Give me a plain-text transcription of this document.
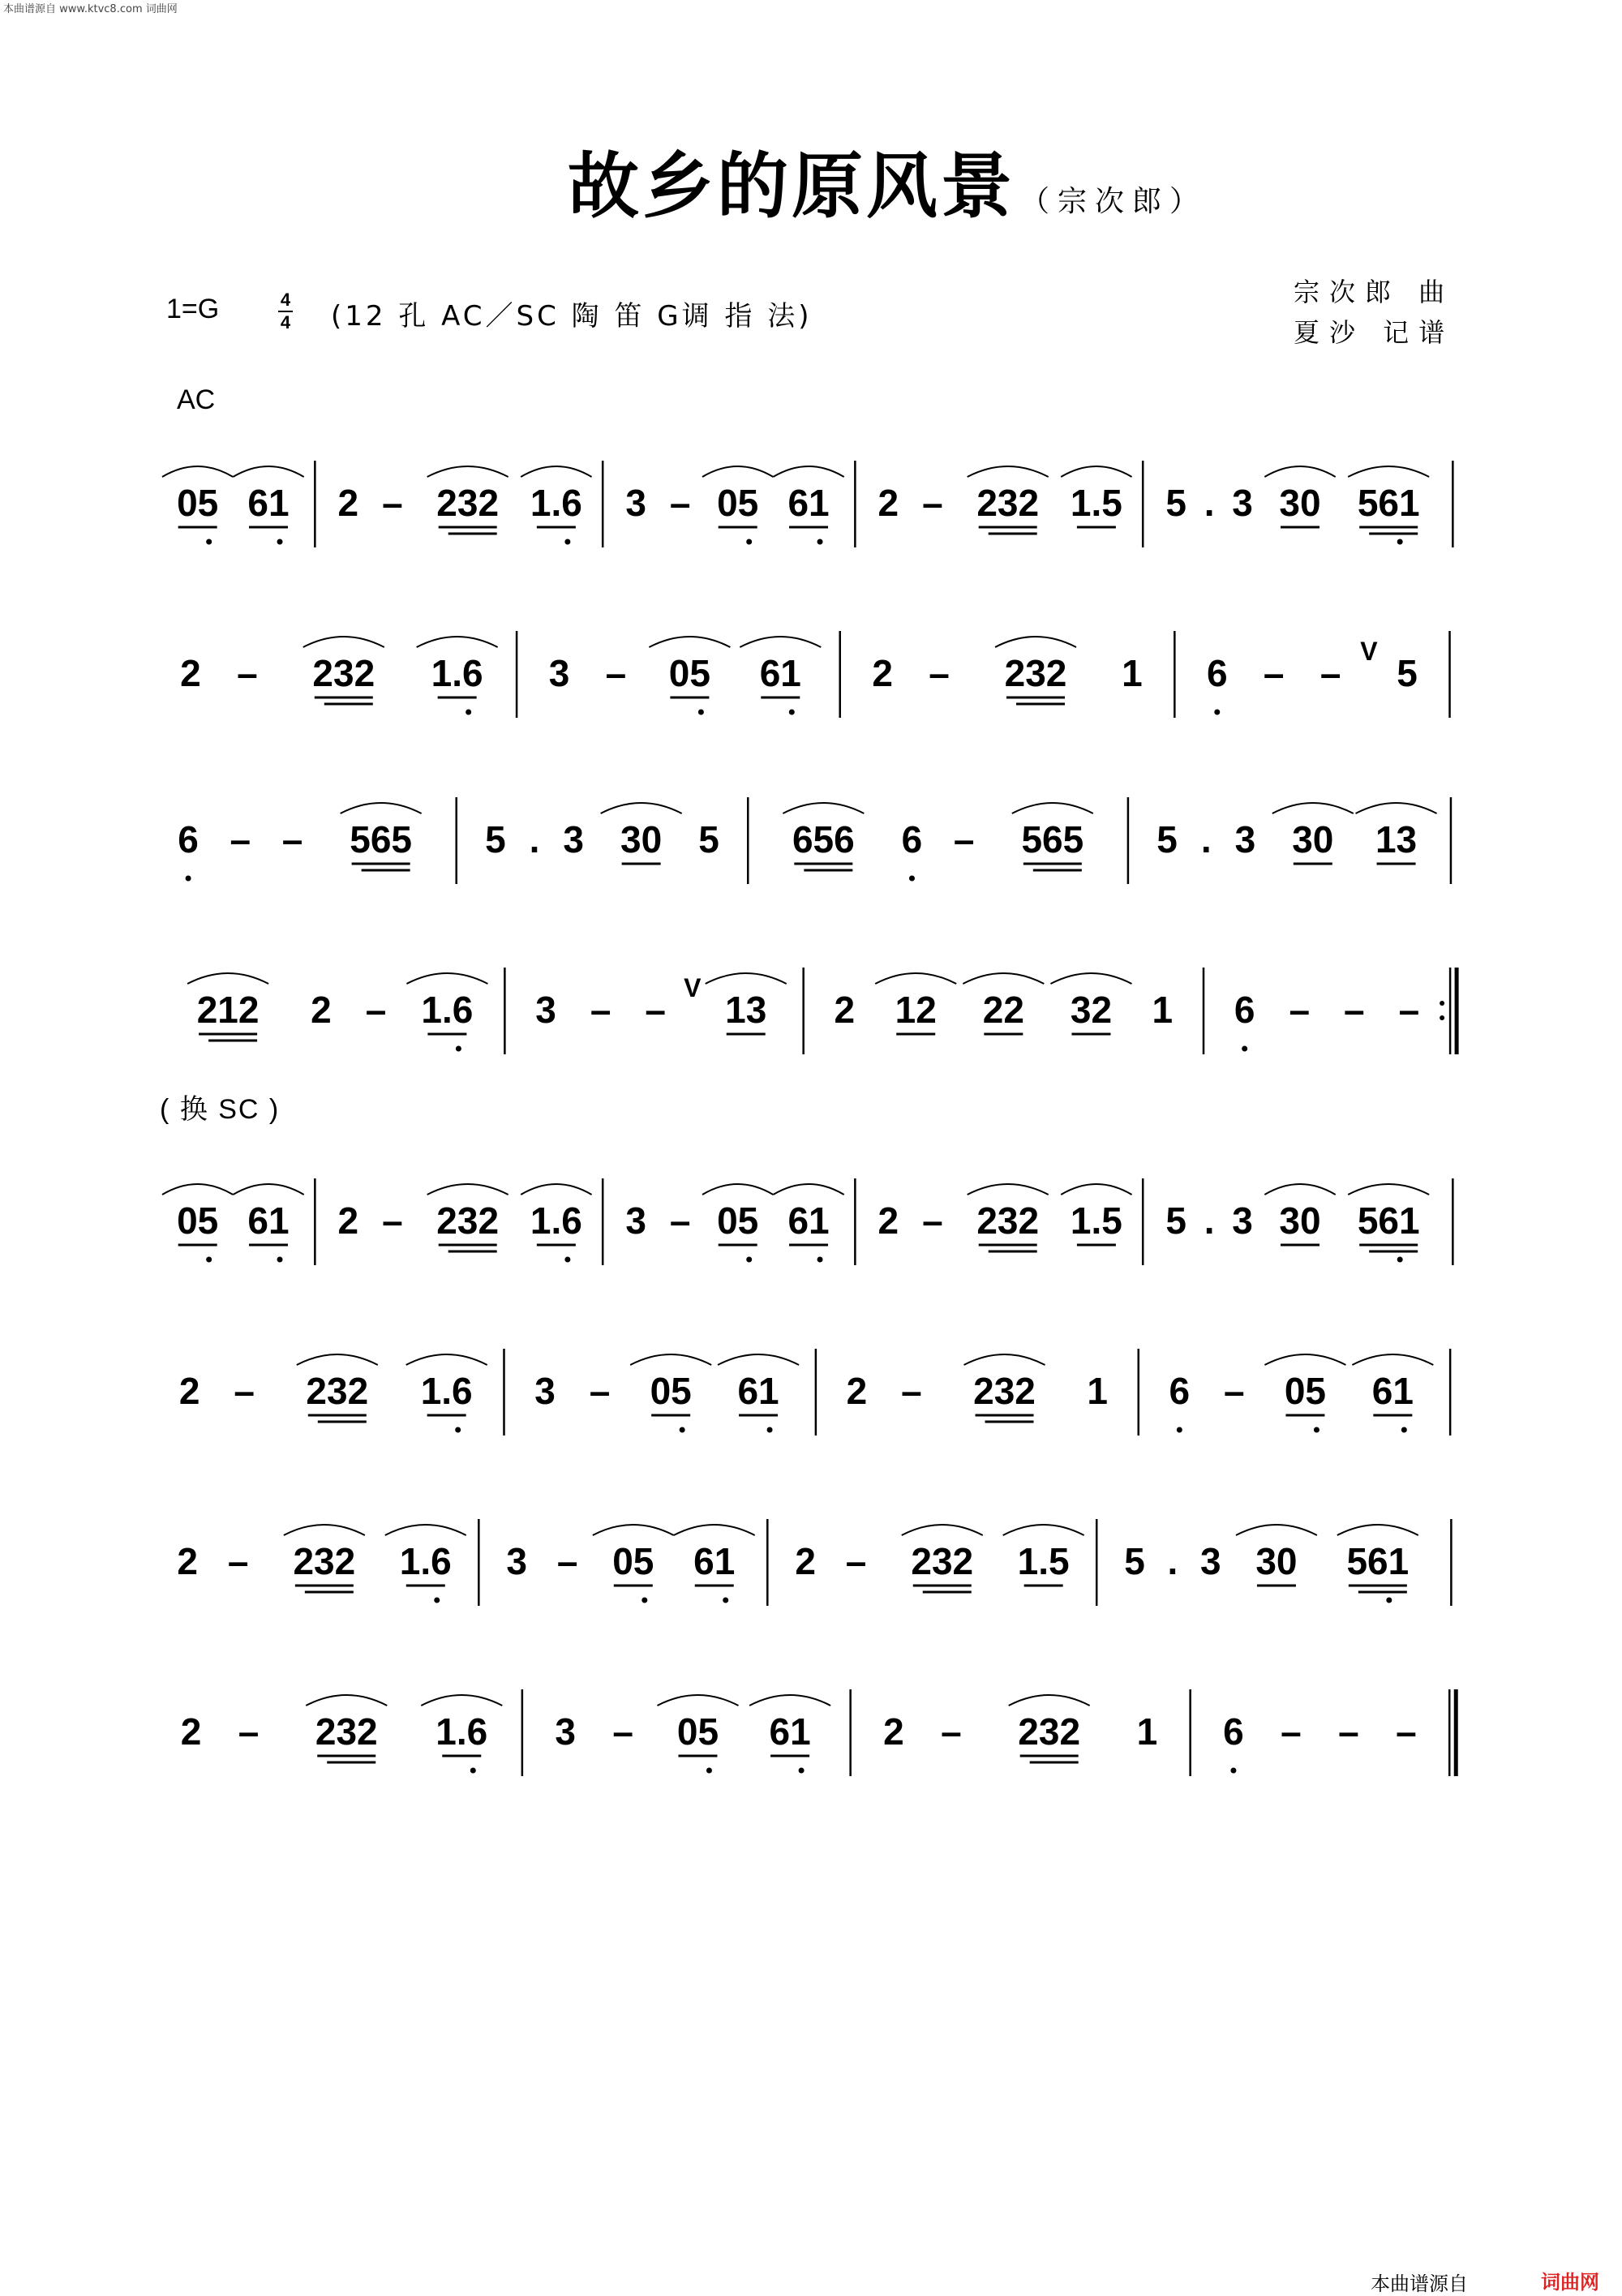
本曲谱源自 www.ktvc8.com 词曲网
故乡的原风景 （宗次郎）
1=G	4
4 (12 孔 AC／SC 陶 笛 G调 指 法)
宗次郎 曲
夏沙 记谱
AC
( 换 SC )
05 61	2 – 232 1.6	3 – 05 61	2 – 232 1.5	5 . 3 30 561
2 –	232	1.6	3 –	05	61	2 –	232	1	6 – –
V
5
6 – –	565	5 . 3 30 5	656	6 –	565	5 . 3 30	13
212	2 – 1.6	3 – –
V
13	2	12	22	32	1	6 – – –
05 61	2 – 232 1.6	3 – 05 61	2 – 232 1.5	5 . 3 30 561
2 –	232	1.6	3 –	05	61	2 –	232	1	6 –	05	61
2 –	232	1.6	3 – 05	61	2 –	232	1.5	5 . 3 30	561
2 –	232	1.6	3 –	05	61	2 –	232	1	6 – – –
本曲谱源自	词曲网
